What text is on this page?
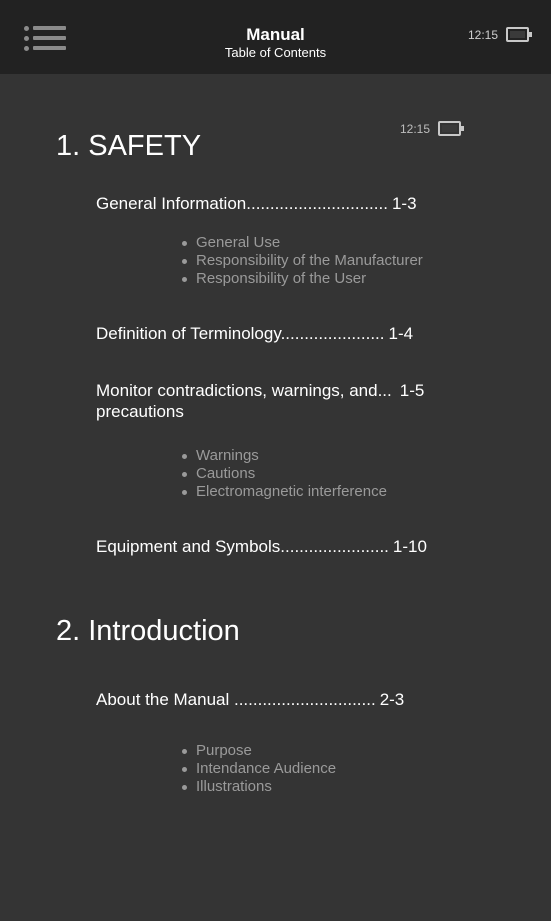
Manual
Table of Contents
12:15
12:15
1. SAFETY
General Information.............................. 1-3
General Use
Responsibility of the Manufacturer
Responsibility of the User
Definition of Terminology...................... 1-4
Monitor contradictions, warnings, and... 1-5
precautions
Warnings
Cautions
Electromagnetic interference
Equipment and Symbols....................... 1-10
2. Introduction
About the Manual .............................. 2-3
Purpose
Intendance Audience
Illustrations
